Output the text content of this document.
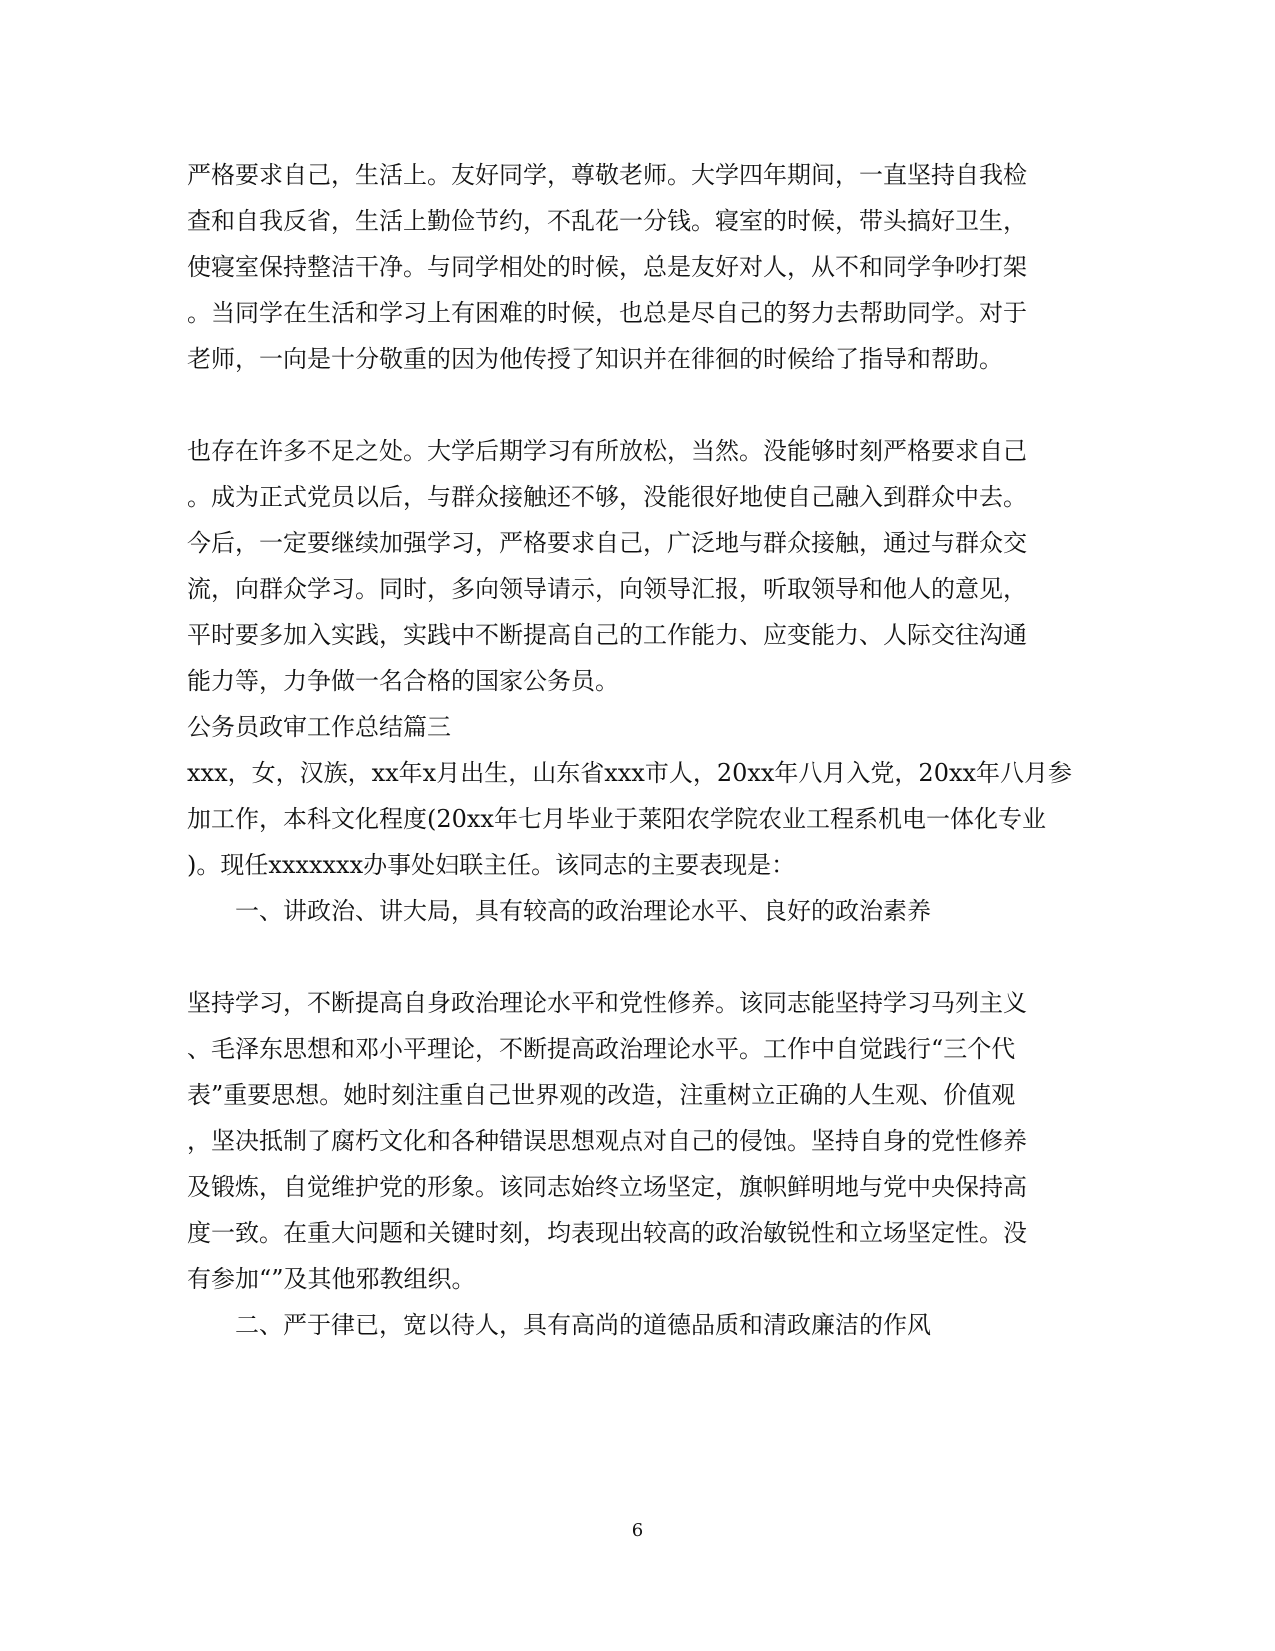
严格要求自己，生活上。友好同学，尊敬老师。大学四年期间，一直坚持自我检
查和自我反省，生活上勤俭节约，不乱花一分钱。寝室的时候，带头搞好卫生，
使寝室保持整洁干净。与同学相处的时候，总是友好对人，从不和同学争吵打架
。当同学在生活和学习上有困难的时候，也总是尽自己的努力去帮助同学。对于
老师，一向是十分敬重的因为他传授了知识并在徘徊的时候给了指导和帮助。
也存在许多不足之处。大学后期学习有所放松，当然。没能够时刻严格要求自己
。成为正式党员以后，与群众接触还不够，没能很好地使自己融入到群众中去。
今后，一定要继续加强学习，严格要求自己，广泛地与群众接触，通过与群众交
流，向群众学习。同时，多向领导请示，向领导汇报，听取领导和他人的意见，
平时要多加入实践，实践中不断提高自己的工作能力、应变能力、人际交往沟通
能力等，力争做一名合格的国家公务员。
公务员政审工作总结篇三
xxx，女，汉族，xx年x月出生，山东省xxx市人，20xx年八月入党，20xx年八月参
加工作，本科文化程度(20xx年七月毕业于莱阳农学院农业工程系机电一体化专业
)。现任xxxxxxx办事处妇联主任。该同志的主要表现是：
一、讲政治、讲大局，具有较高的政治理论水平、良好的政治素养
坚持学习，不断提高自身政治理论水平和党性修养。该同志能坚持学习马列主义
、毛泽东思想和邓小平理论，不断提高政治理论水平。工作中自觉践行“三个代
表”重要思想。她时刻注重自己世界观的改造，注重树立正确的人生观、价值观
，坚决抵制了腐朽文化和各种错误思想观点对自己的侵蚀。坚持自身的党性修养
及锻炼，自觉维护党的形象。该同志始终立场坚定，旗帜鲜明地与党中央保持高
度一致。在重大问题和关键时刻，均表现出较高的政治敏锐性和立场坚定性。没
有参加“”及其他邪教组织。
二、严于律已，宽以待人，具有高尚的道德品质和清政廉洁的作风
6
